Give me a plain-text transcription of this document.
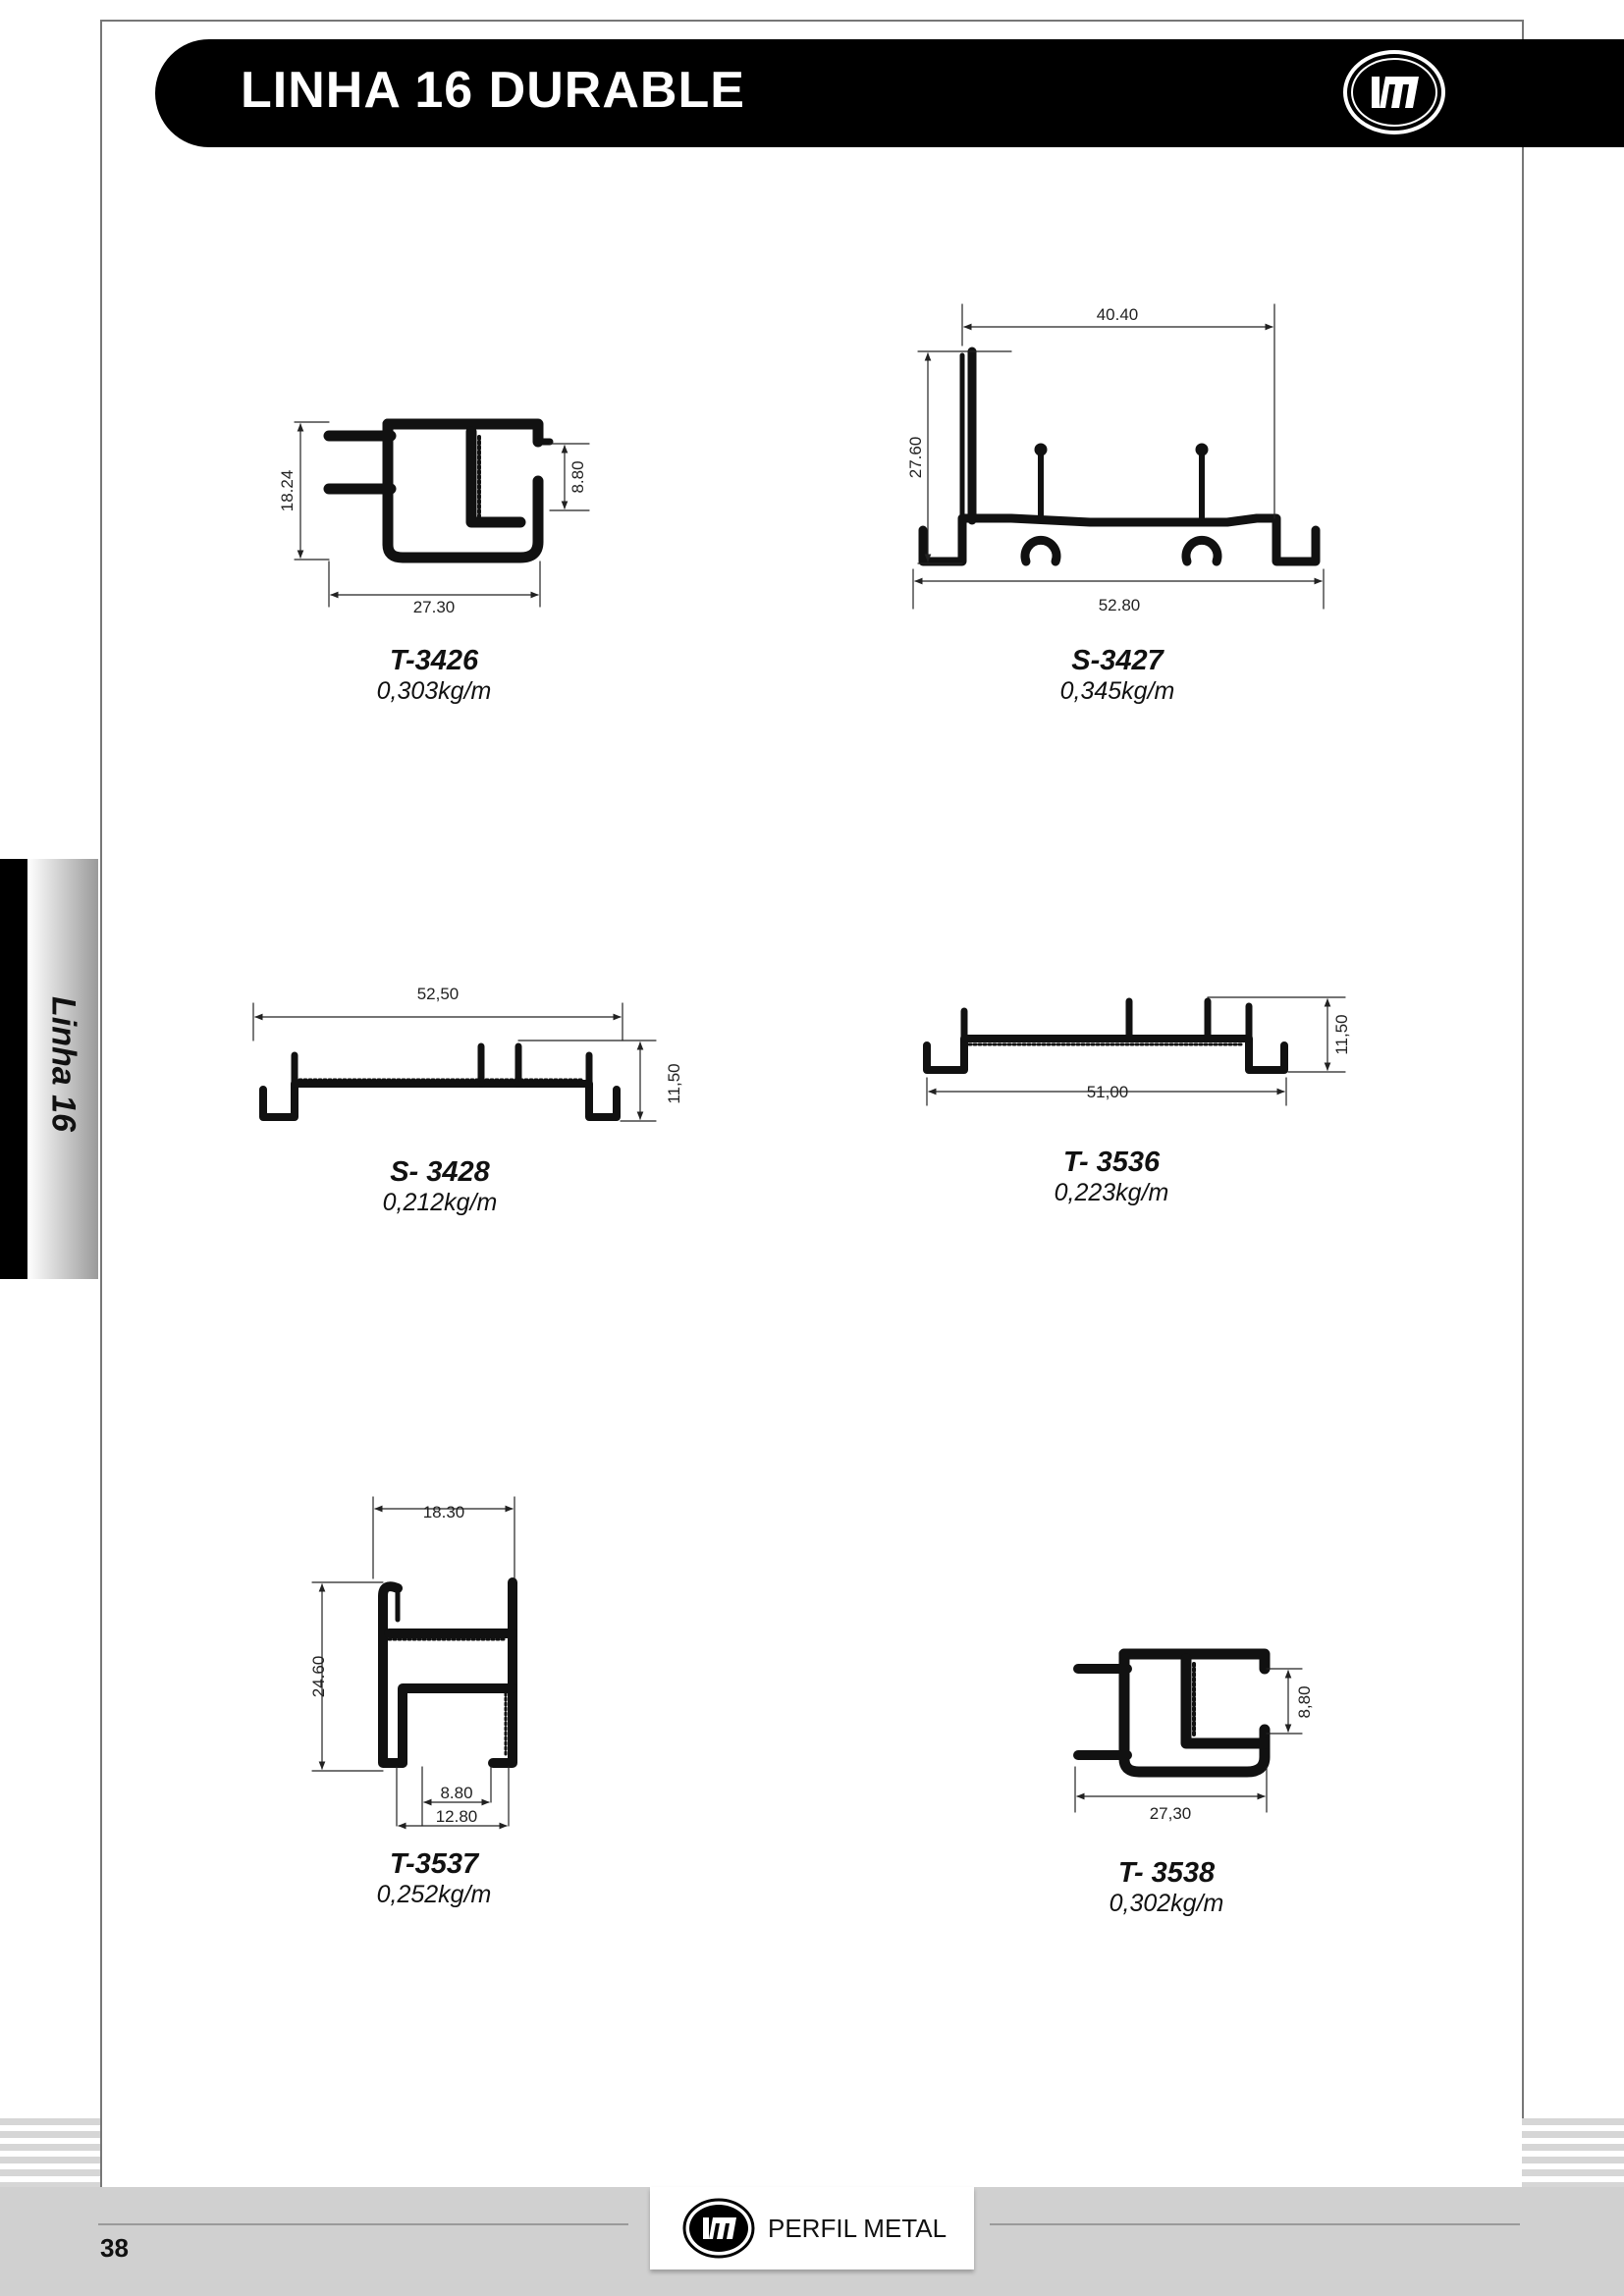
LINHA 16 DURABLE
Linha 16
PERFIL METAL
38
18.24	8.80
27.30
40.40
27.60
52.80
52,50
11,50
11,50
51,00
18.30
24.60
8.80
12.80
8,80
27,30
T-3426
0,303kg/m
S-3427
0,345kg/m
S- 3428
0,212kg/m
T- 3536
0,223kg/m
T-3537
0,252kg/m
T- 3538
0,302kg/m
